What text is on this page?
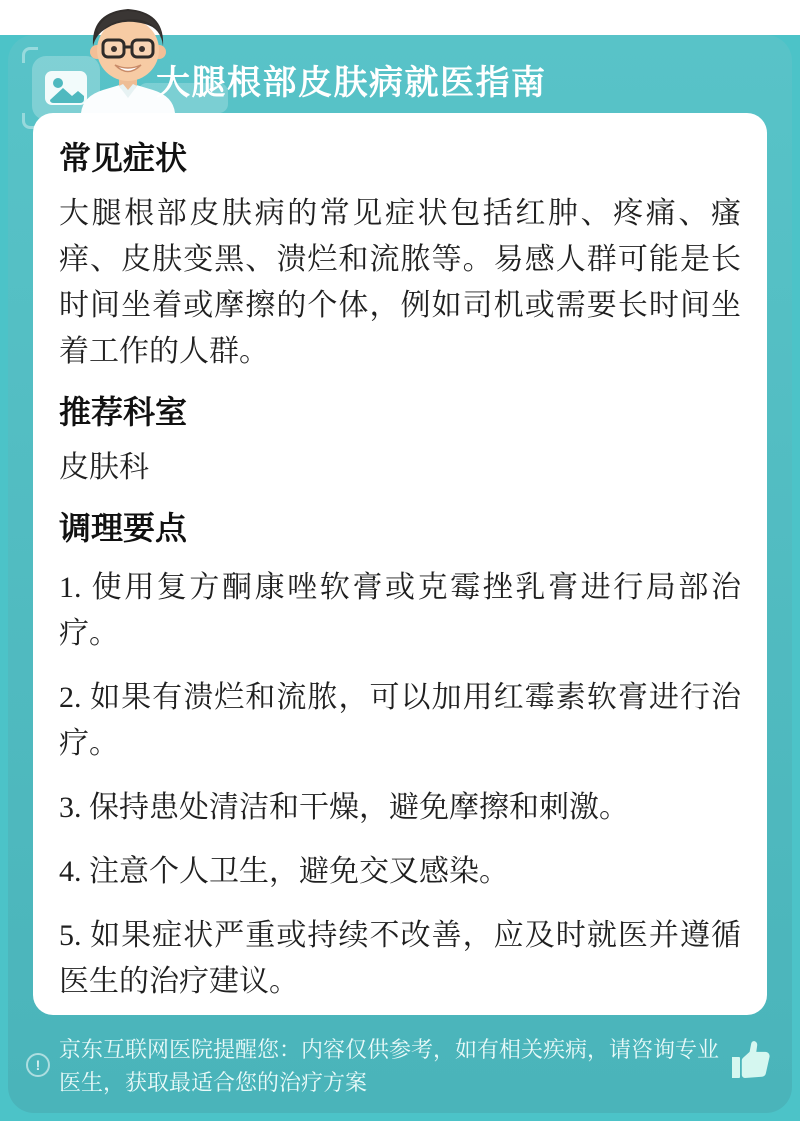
大腿根部皮肤病就医指南
常见症状

大腿根部皮肤病的常见症状包括红肿、疼痛、瘙痒、皮肤变黑、溃烂和流脓等。易感人群可能是长时间坐着或摩擦的个体，例如司机或需要长时间坐着工作的人群。

推荐科室

皮肤科

调理要点
1. 使用复方酮康唑软膏或克霉挫乳膏进行局部治疗。
2. 如果有溃烂和流脓，可以加用红霉素软膏进行治疗。
3. 保持患处清洁和干燥，避免摩擦和刺激。
4. 注意个人卫生，避免交叉感染。
5. 如果症状严重或持续不改善，应及时就医并遵循医生的治疗建议。
!

京东互联网医院提醒您：内容仅供参考，如有相关疾病，请咨询专业医生，获取最适合您的治疗方案
